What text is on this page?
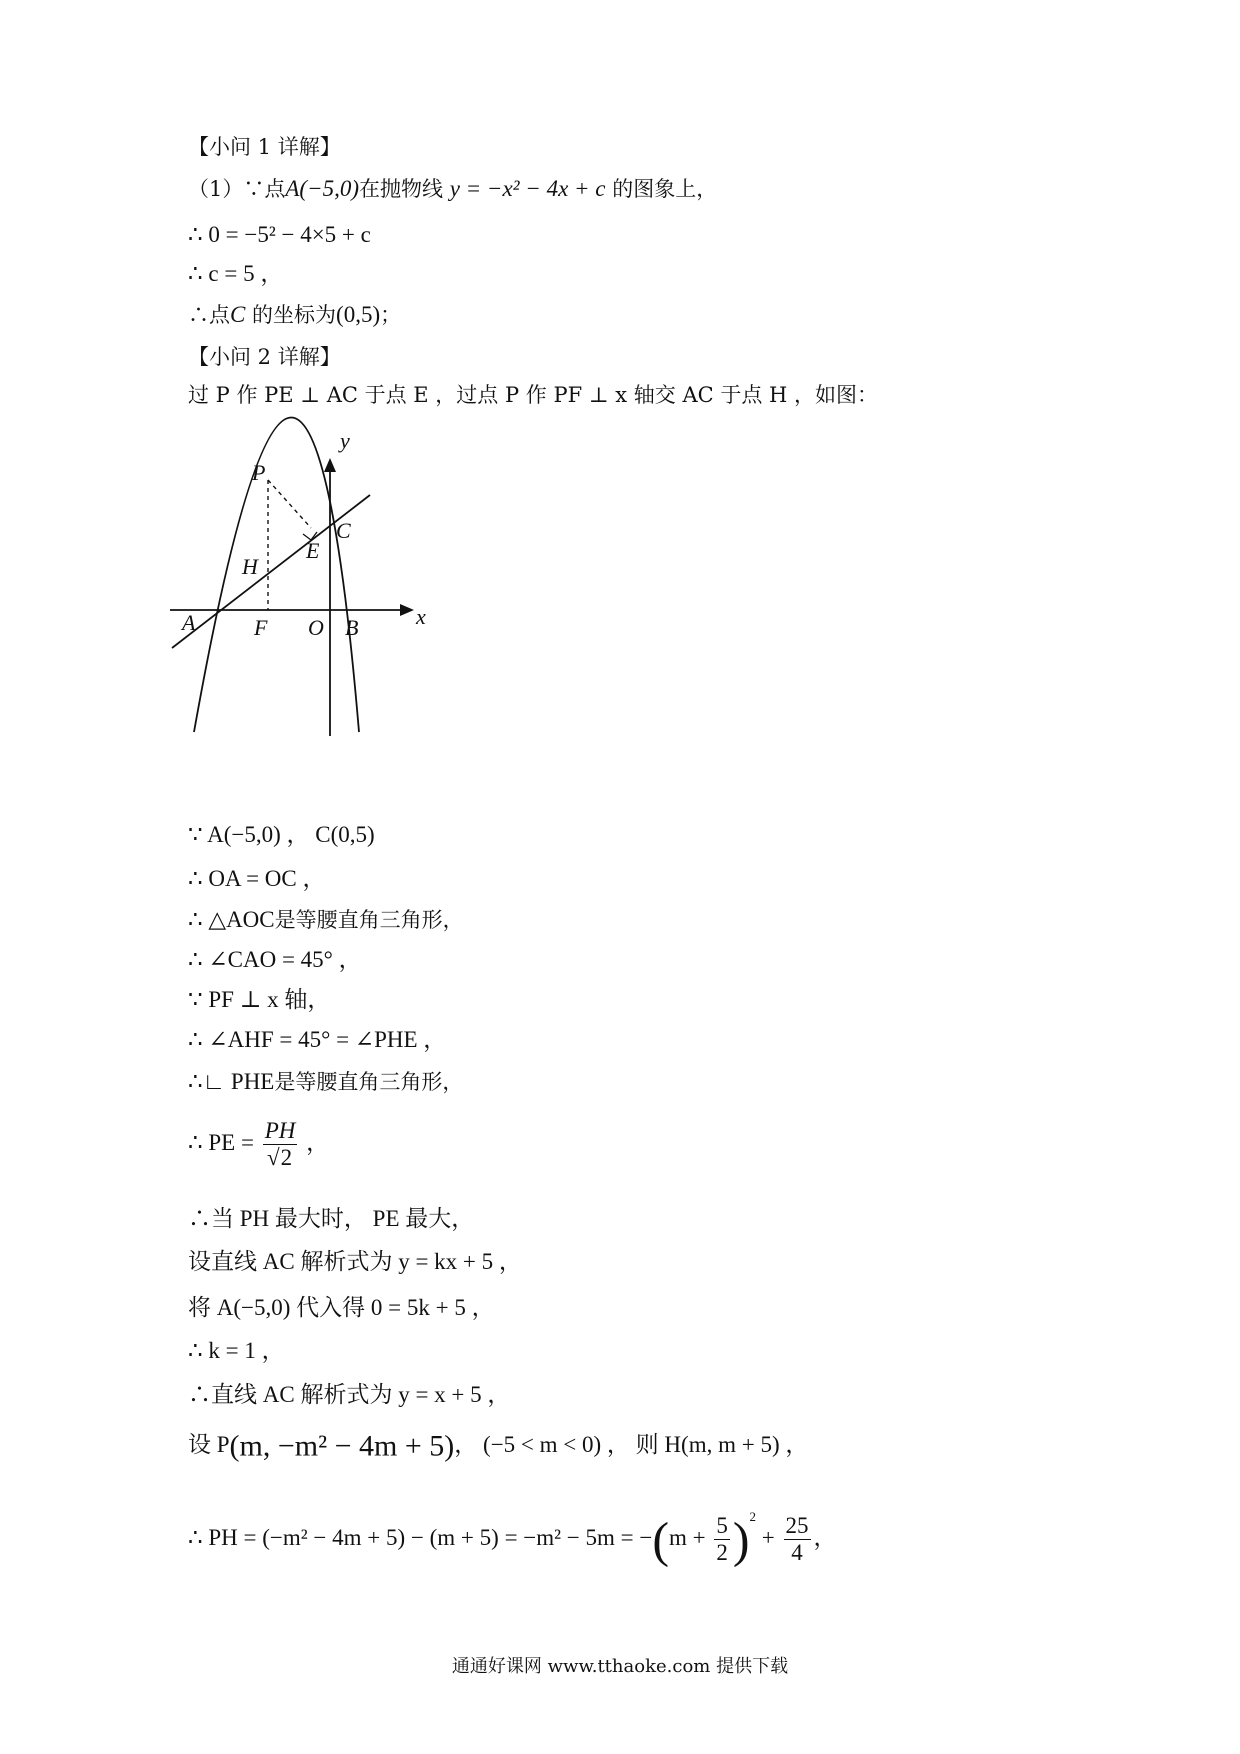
【小问 1 详解】
（1）∵点A(−5,0)在抛物线 y = −x² − 4x + c 的图象上，
∴ 0 = −5² − 4×5 + c
∴ c = 5 ，
∴点C 的坐标为(0,5)；
【小问 2 详解】
过 P 作 PE ⊥ AC 于点 E ，过点 P 作 PF ⊥ x 轴交 AC 于点 H ，如图：
y
x
P
C
E
H
A	F O B
∵ A(−5,0) ， C(0,5)
∴ OA = OC ，
∴ △AOC是等腰直角三角形，
∴ ∠CAO = 45° ，
∵ PF ⊥ x 轴，
∴ ∠AHF = 45° = ∠PHE ，
∴∟ PHE是等腰直角三角形，
∴ PE = $\frac{PH}{√2}$ ，
∴当 PH 最大时， PE 最大，
设直线 AC 解析式为 y = kx + 5 ，
将 A(−5,0) 代入得 0 = 5k + 5 ，
∴ k = 1 ，
∴直线 AC 解析式为 y = x + 5 ，
设 P(m, −m² − 4m + 5)， (−5 < m < 0) ， 则 H(m, m + 5) ，
∴ PH = $(-m^2 - 4m + 5) - (m + 5) = -m^2 - 5m = -(m + \frac{5}{2} )^2 + \frac{25}{4}$ ，
通通好课网 www.tthaoke.com 提供下载
